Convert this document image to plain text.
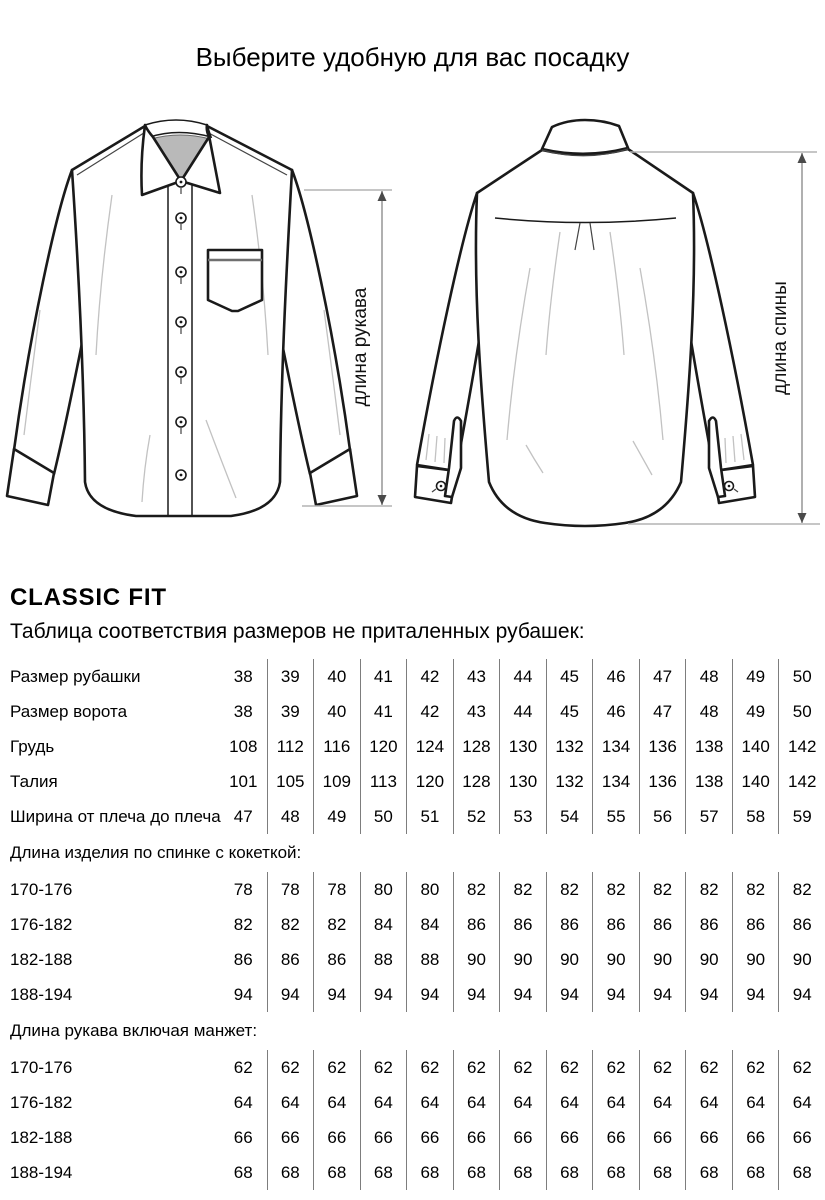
Выберите удобную для вас посадку
длина рукава	длина спины
CLASSIC FIT
Таблица соответствия размеров не приталенных рубашек:
Размер рубашки	38	39	40	41	42	43	44	45	46	47	48	49	50
Размер ворота	38	39	40	41	42	43	44	45	46	47	48	49	50
Грудь	108	112	116	120	124	128	130	132	134	136	138	140	142
Талия	101	105	109	113	120	128	130	132	134	136	138	140	142
Ширина от плеча до плеча 47	48	49	50	51	52	53	54	55	56	57	58	59
Длина изделия по спинке с кокеткой:
170-176	78	78	78	80	80	82	82	82	82	82	82	82	82
176-182	82	82	82	84	84	86	86	86	86	86	86	86	86
182-188	86	86	86	88	88	90	90	90	90	90	90	90	90
188-194	94	94	94	94	94	94	94	94	94	94	94	94	94
Длина рукава включая манжет:
170-176	62	62	62	62	62	62	62	62	62	62	62	62	62
176-182	64	64	64	64	64	64	64	64	64	64	64	64	64
182-188	66	66	66	66	66	66	66	66	66	66	66	66	66
188-194	68	68	68	68	68	68	68	68	68	68	68	68	68
